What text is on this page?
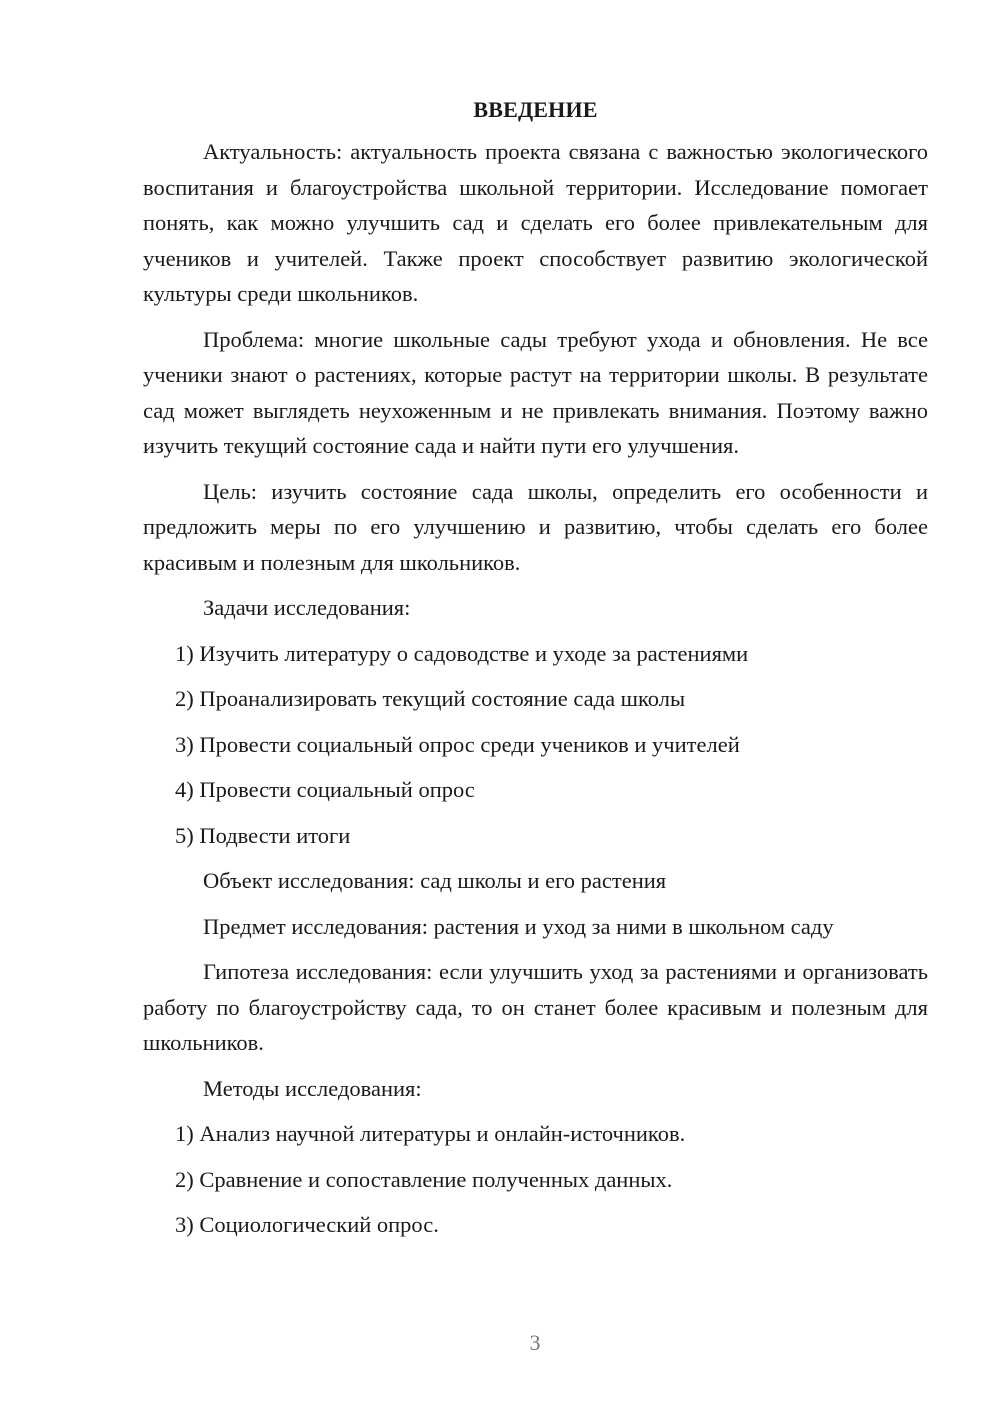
ВВЕДЕНИЕ
Актуальность: актуальность проекта связана с важностью экологического воспитания и благоустройства школьной территории. Исследование помогает понять, как можно улучшить сад и сделать его более привлекательным для учеников и учителей. Также проект способствует развитию экологической культуры среди школьников.
Проблема: многие школьные сады требуют ухода и обновления. Не все ученики знают о растениях, которые растут на территории школы. В результате сад может выглядеть неухоженным и не привлекать внимания. Поэтому важно изучить текущий состояние сада и найти пути его улучшения.
Цель: изучить состояние сада школы, определить его особенности и предложить меры по его улучшению и развитию, чтобы сделать его более красивым и полезным для школьников.
Задачи исследования:
1) Изучить литературу о садоводстве и уходе за растениями
2) Проанализировать текущий состояние сада школы
3) Провести социальный опрос среди учеников и учителей
4) Провести социальный опрос
5) Подвести итоги
Объект исследования: сад школы и его растения
Предмет исследования: растения и уход за ними в школьном саду
Гипотеза исследования: если улучшить уход за растениями и организовать работу по благоустройству сада, то он станет более красивым и полезным для школьников.
Методы исследования:
1) Анализ научной литературы и онлайн-источников.
2) Сравнение и сопоставление полученных данных.
3) Социологический опрос.
3
